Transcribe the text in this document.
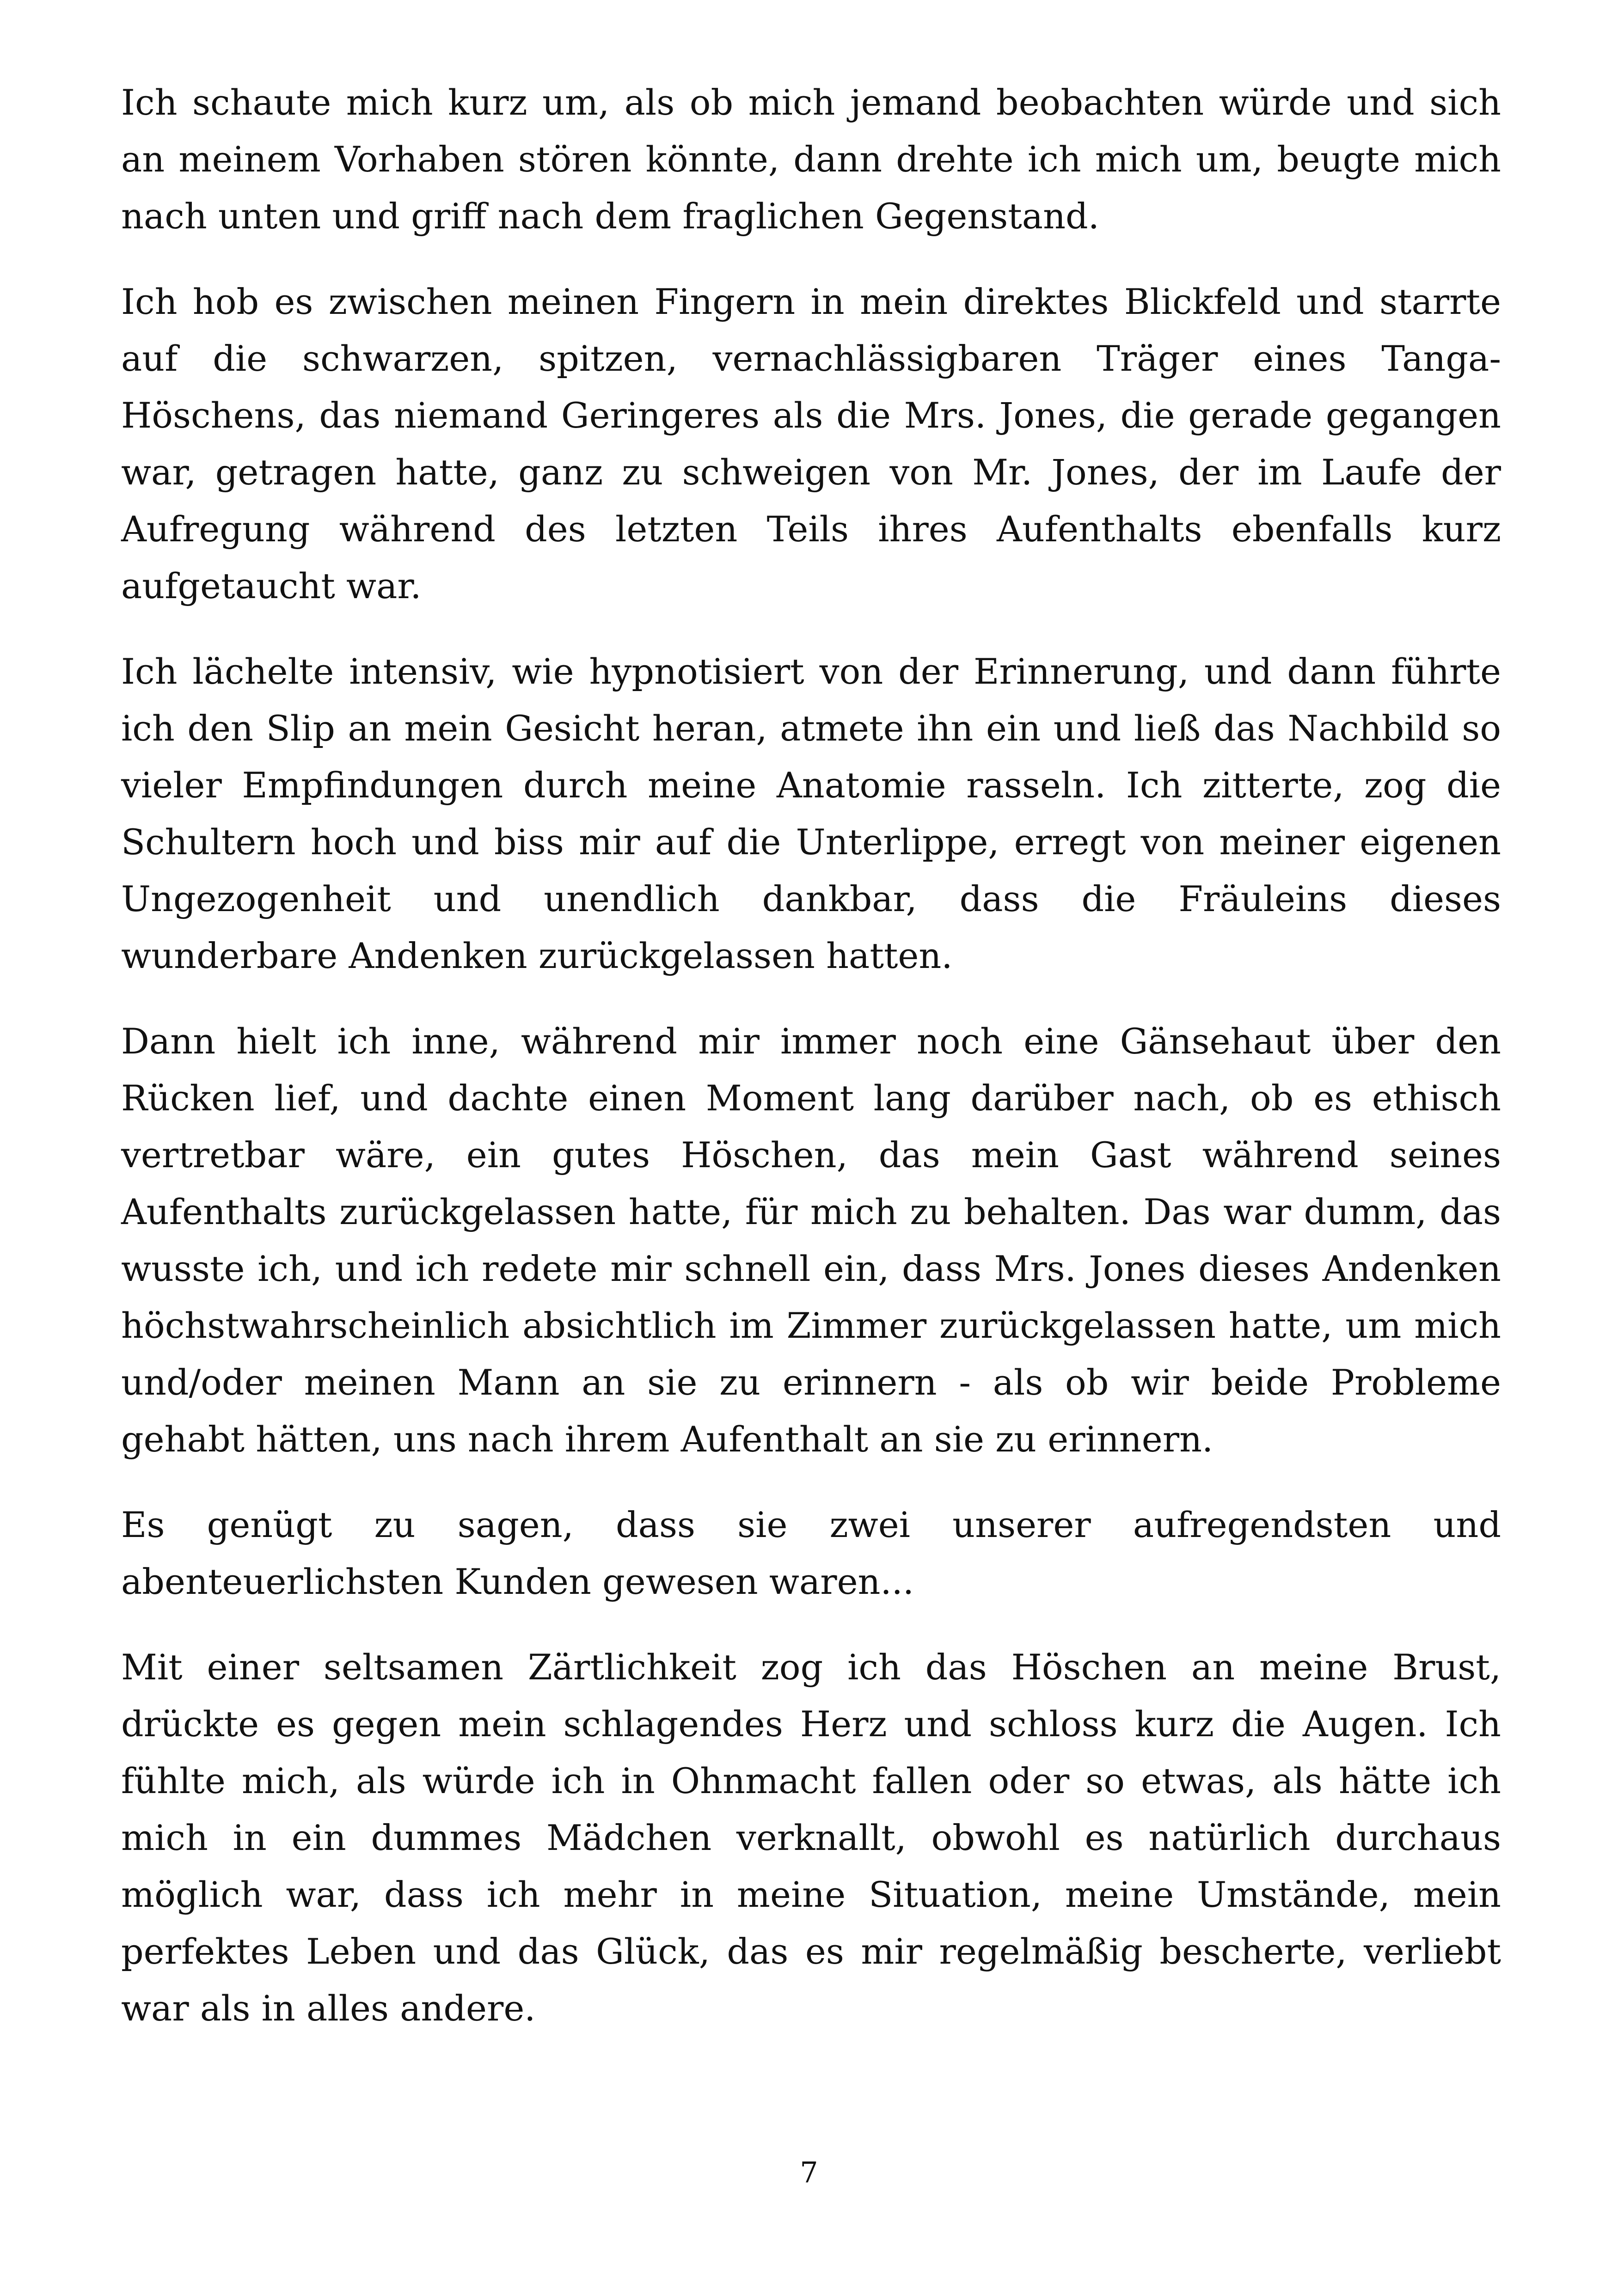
Ich schaute mich kurz um, als ob mich jemand beobachten würde und sich an meinem Vorhaben stören könnte, dann drehte ich mich um, beugte mich nach unten und griff nach dem fraglichen Gegenstand.

Ich hob es zwischen meinen Fingern in mein direktes Blickfeld und starrte auf die schwarzen, spitzen, vernachlässigbaren Träger eines Tanga-Höschens, das niemand Geringeres als die Mrs. Jones, die gerade gegangen war, getragen hatte, ganz zu schweigen von Mr. Jones, der im Laufe der Aufregung während des letzten Teils ihres Aufenthalts ebenfalls kurz aufgetaucht war.

Ich lächelte intensiv, wie hypnotisiert von der Erinnerung, und dann führte ich den Slip an mein Gesicht heran, atmete ihn ein und ließ das Nachbild so vieler Empfindungen durch meine Anatomie rasseln. Ich zitterte, zog die Schultern hoch und biss mir auf die Unterlippe, erregt von meiner eigenen Ungezogenheit und unendlich dankbar, dass die Fräuleins dieses wunderbare Andenken zurückgelassen hatten.

Dann hielt ich inne, während mir immer noch eine Gänsehaut über den Rücken lief, und dachte einen Moment lang darüber nach, ob es ethisch vertretbar wäre, ein gutes Höschen, das mein Gast während seines Aufenthalts zurückgelassen hatte, für mich zu behalten. Das war dumm, das wusste ich, und ich redete mir schnell ein, dass Mrs. Jones dieses Andenken höchstwahrscheinlich absichtlich im Zimmer zurückgelassen hatte, um mich und/oder meinen Mann an sie zu erinnern - als ob wir beide Probleme gehabt hätten, uns nach ihrem Aufenthalt an sie zu erinnern.

Es genügt zu sagen, dass sie zwei unserer aufregendsten und abenteuerlichsten Kunden gewesen waren...

Mit einer seltsamen Zärtlichkeit zog ich das Höschen an meine Brust, drückte es gegen mein schlagendes Herz und schloss kurz die Augen. Ich fühlte mich, als würde ich in Ohnmacht fallen oder so etwas, als hätte ich mich in ein dummes Mädchen verknallt, obwohl es natürlich durchaus möglich war, dass ich mehr in meine Situation, meine Umstände, mein perfektes Leben und das Glück, das es mir regelmäßig bescherte, verliebt war als in alles andere.

7
